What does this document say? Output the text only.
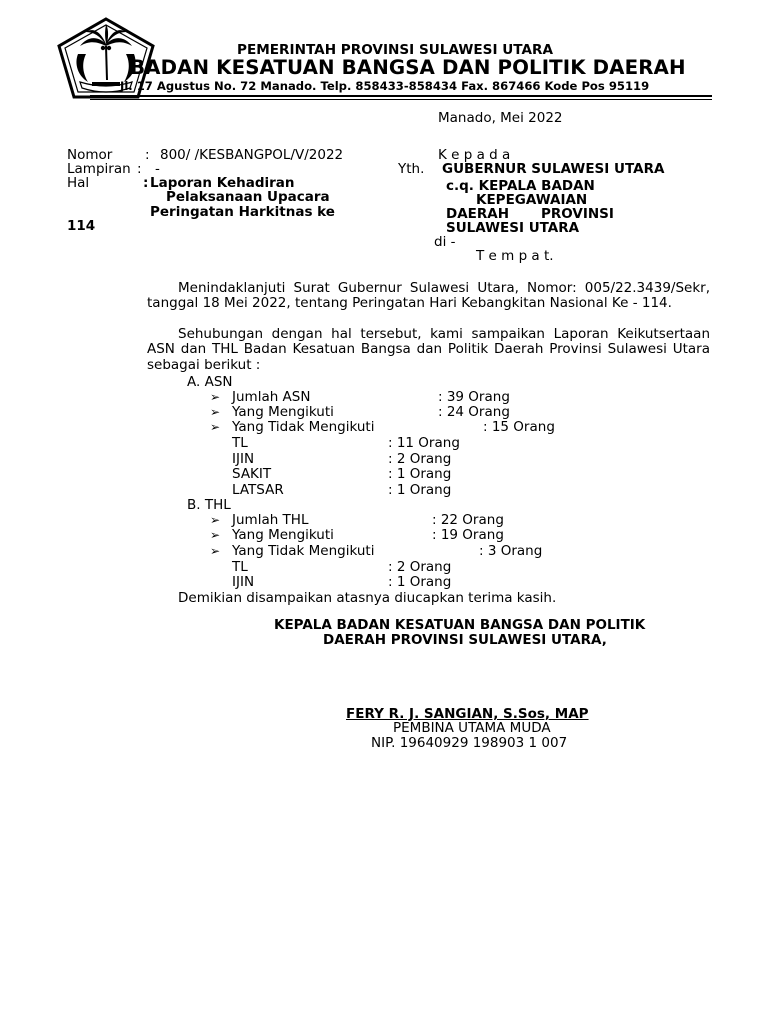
PEMERINTAH PROVINSI SULAWESI UTARA
BADAN KESATUAN BANGSA DAN POLITIK DAERAH
Jl. 17 Agustus No. 72 Manado. Telp. 858433-858434 Fax. 867466 Kode Pos 95119
Manado, Mei 2022
Nomor : 800/ /KESBANGPOL/V/2022
Lampiran : -
Hal	: Laporan Kehadiran
Pelaksanaan Upacara
Peringatan Harkitnas ke
114
K e p a d a
Yth. GUBERNUR SULAWESI UTARA
c.q. KEPALA BADAN
KEPEGAWAIAN
DAERAH PROVINSI
SULAWESI UTARA
di -
T e m p a t.
Menindaklanjuti Surat Gubernur Sulawesi Utara, Nomor: 005/22.3439/Sekr, tanggal 18 Mei 2022, tentang Peringatan Hari Kebangkitan Nasional Ke - 114.
Sehubungan dengan hal tersebut, kami sampaikan Laporan Keikutsertaan ASN dan THL Badan Kesatuan Bangsa dan Politik Daerah Provinsi Sulawesi Utara sebagai berikut :
A. ASN
➢ Jumlah ASN	: 39 Orang
➢ Yang Mengikuti	: 24 Orang
➢ Yang Tidak Mengikuti	: 15 Orang
TL	: 11 Orang
IJIN	: 2 Orang
SAKIT	: 1 Orang
LATSAR	: 1 Orang
B. THL
➢ Jumlah THL	: 22 Orang
➢ Yang Mengikuti	: 19 Orang
➢ Yang Tidak Mengikuti	: 3 Orang
TL	: 2 Orang
IJIN	: 1 Orang
Demikian disampaikan atasnya diucapkan terima kasih.
KEPALA BADAN KESATUAN BANGSA DAN POLITIK
DAERAH PROVINSI SULAWESI UTARA,
FERY R. J. SANGIAN, S.Sos, MAP
PEMBINA UTAMA MUDA
NIP. 19640929 198903 1 007
